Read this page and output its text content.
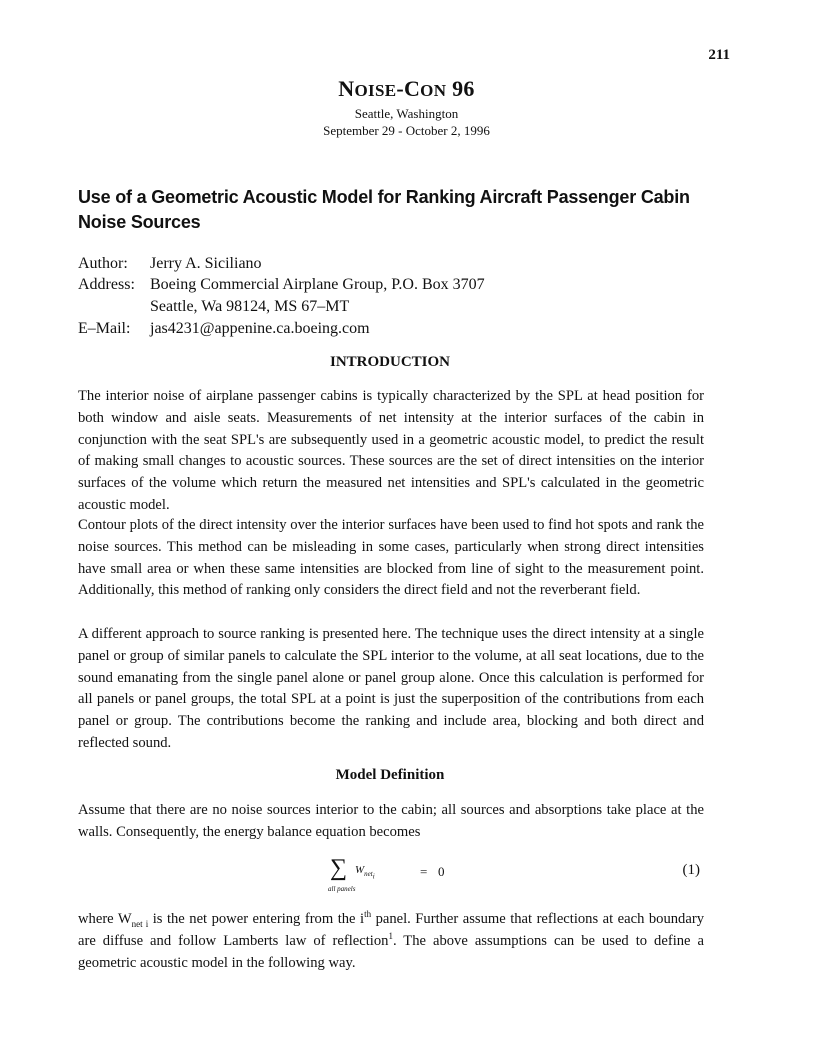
211
NOISE-CON 96
Seattle, Washington
September 29 - October 2, 1996
Use of a Geometric Acoustic Model for Ranking Aircraft Passenger Cabin Noise Sources
Author: Jerry A. Siciliano
Address: Boeing Commercial Airplane Group, P.O. Box 3707
Seattle, Wa 98124, MS 67–MT
E–Mail: jas4231@appenine.ca.boeing.com
INTRODUCTION

The interior noise of airplane passenger cabins is typically characterized by the SPL at head position for both window and aisle seats. Measurements of net intensity at the interior surfaces of the cabin in conjunction with the seat SPL's are subsequently used in a geometric acoustic model, to predict the result of making small changes to acoustic sources. These sources are the set of direct intensities on the interior surfaces of the volume which return the measured net intensities and SPL's calculated in the geometric acoustic model.

Contour plots of the direct intensity over the interior surfaces have been used to find hot spots and rank the noise sources. This method can be misleading in some cases, particularly when strong direct intensities have small area or when these same intensities are blocked from line of sight to the measurement point. Additionally, this method of ranking only considers the direct field and not the reverberant field.

A different approach to source ranking is presented here. The technique uses the direct intensity at a single panel or group of similar panels to calculate the SPL interior to the volume, at all seat locations, due to the sound emanating from the single panel alone or panel group alone. Once this calculation is performed for all panels or panel groups, the total SPL at a point is just the superposition of the contributions from each panel or group. The contributions become the ranking and include area, blocking and both direct and reflected sound.

Model Definition

Assume that there are no noise sources interior to the cabin; all sources and absorptions take place at the walls. Consequently, the energy balance equation becomes

∑
all panels
$W_{net_i}$	= 0	(1)

where $W_{net i}$ is the net power entering from the $i^{th}$ panel. Further assume that reflections at each boundary are diffuse and follow Lamberts law of reflection$^1$. The above assumptions can be used to define a geometric acoustic model in the following way.
